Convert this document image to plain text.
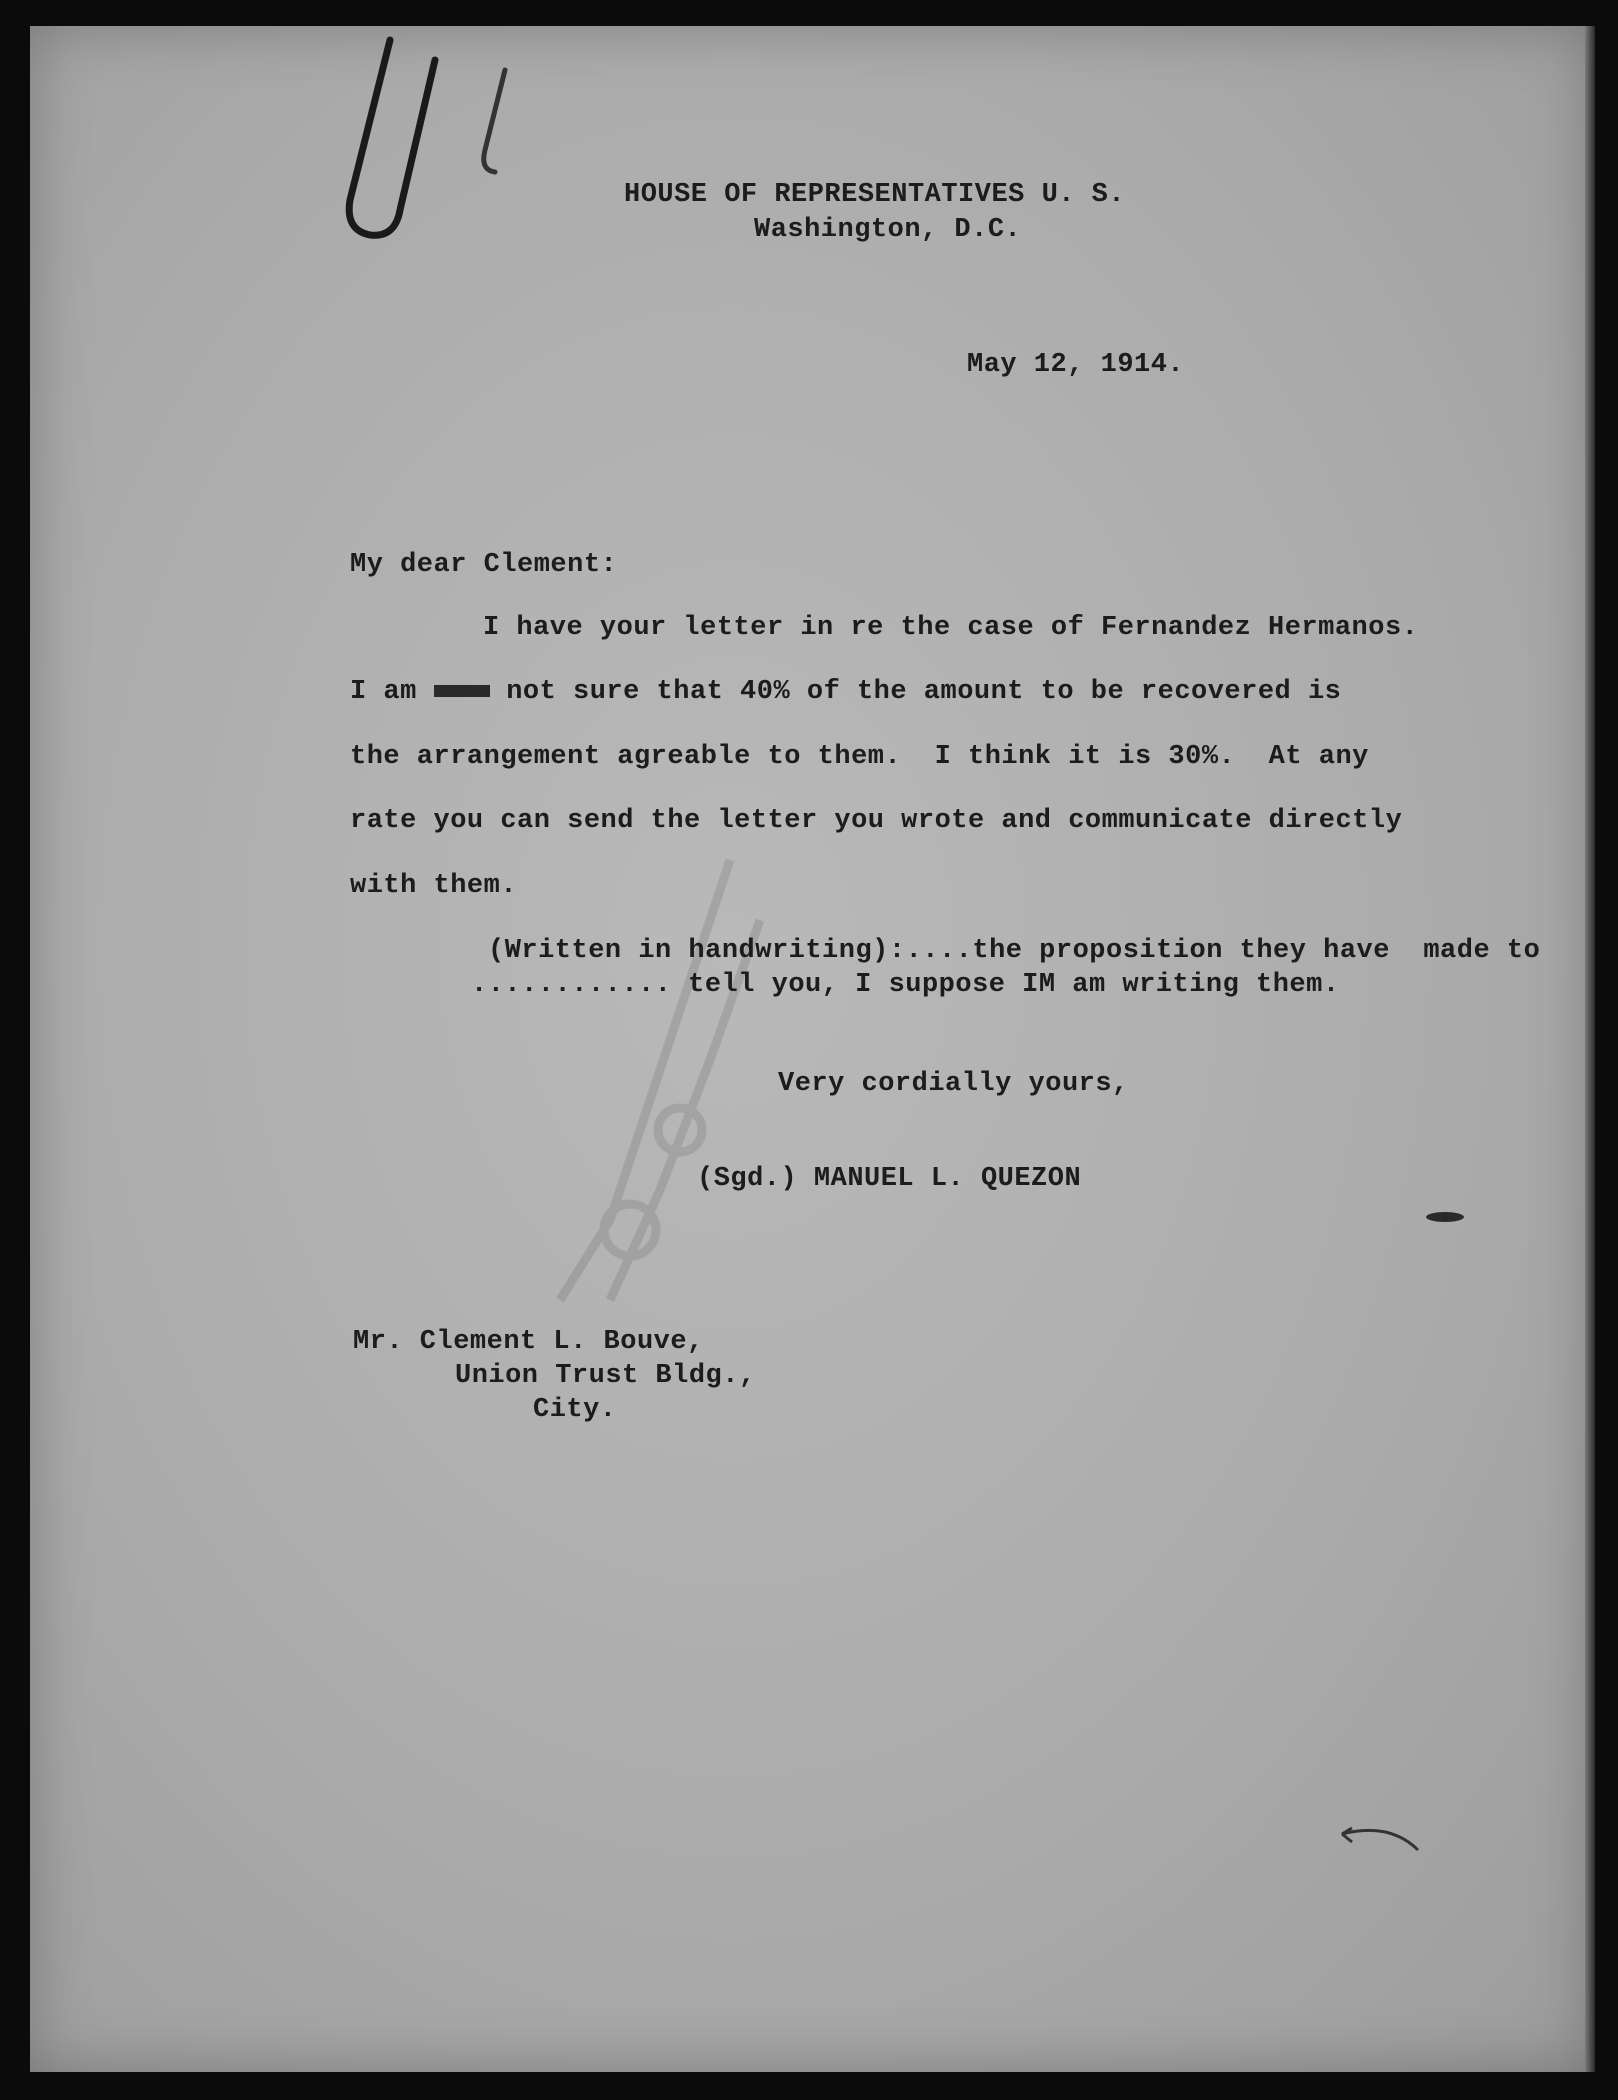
HOUSE OF REPRESENTATIVES U. S.
Washington, D.C.
May 12, 1914.
My dear Clement:
I have your letter in re the case of Fernandez Hermanos.
I am	not sure that 40% of the amount to be recovered is
the arrangement agreable to them.  I think it is 30%.  At any
rate you can send the letter you wrote and communicate directly
with them.
(Written in handwriting):....the proposition they have  made to
............ tell you, I suppose IM am writing them.
Very cordially yours,
(Sgd.) MANUEL L. QUEZON
Mr. Clement L. Bouve,
Union Trust Bldg.,
City.
